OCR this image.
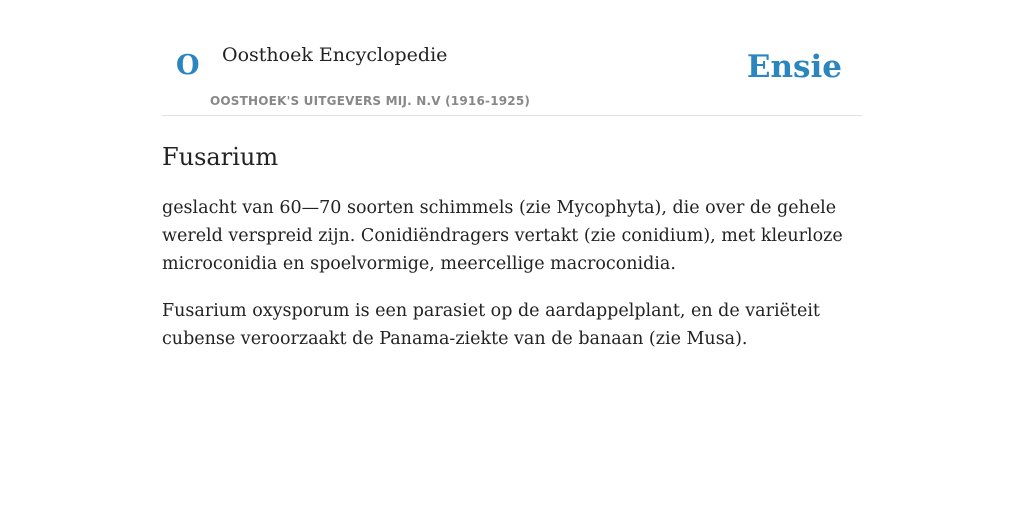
O Oosthoek Encyclopedie
OOSTHOEK'S UITGEVERS MIJ. N.V (1916-1925)
Ensie
Fusarium

geslacht van 60—70 soorten schimmels (zie Mycophyta), die over de gehele wereld verspreid zijn. Conidiëndragers vertakt (zie conidium), met kleurloze microconidia en spoelvormige, meercellige macroconidia.

Fusarium oxysporum is een parasiet op de aardappelplant, en de variëteit cubense veroorzaakt de Panama-ziekte van de banaan (zie Musa).
